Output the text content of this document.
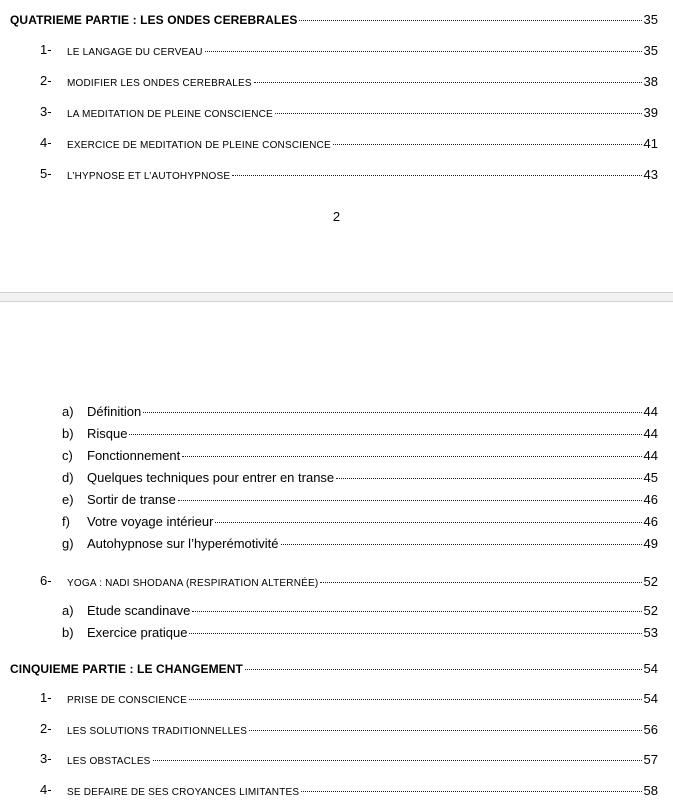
QUATRIEME PARTIE : LES ONDES CEREBRALES	35
1- LE LANGAGE DU CERVEAU	35
2- MODIFIER LES ONDES CEREBRALES	38
3- LA MEDITATION DE PLEINE CONSCIENCE	39
4- EXERCICE DE MEDITATION DE PLEINE CONSCIENCE	41
5- L’HYPNOSE ET L’AUTOHYPNOSE	43
2
a) Définition	44
b) Risque	44
c) Fonctionnement	44
d) Quelques techniques pour entrer en transe	45
e) Sortir de transe	46
f) Votre voyage intérieur	46
g) Autohypnose sur l’hyperémotivité	49
6- YOGA : NADI SHODANA (RESPIRATION ALTERNÉE)	52
a) Etude scandinave	52
b) Exercice pratique	53
CINQUIEME PARTIE : LE CHANGEMENT	54
1- PRISE DE CONSCIENCE	54
2- LES SOLUTIONS TRADITIONNELLES	56
3- LES OBSTACLES	57
4- SE DEFAIRE DE SES CROYANCES LIMITANTES	58
